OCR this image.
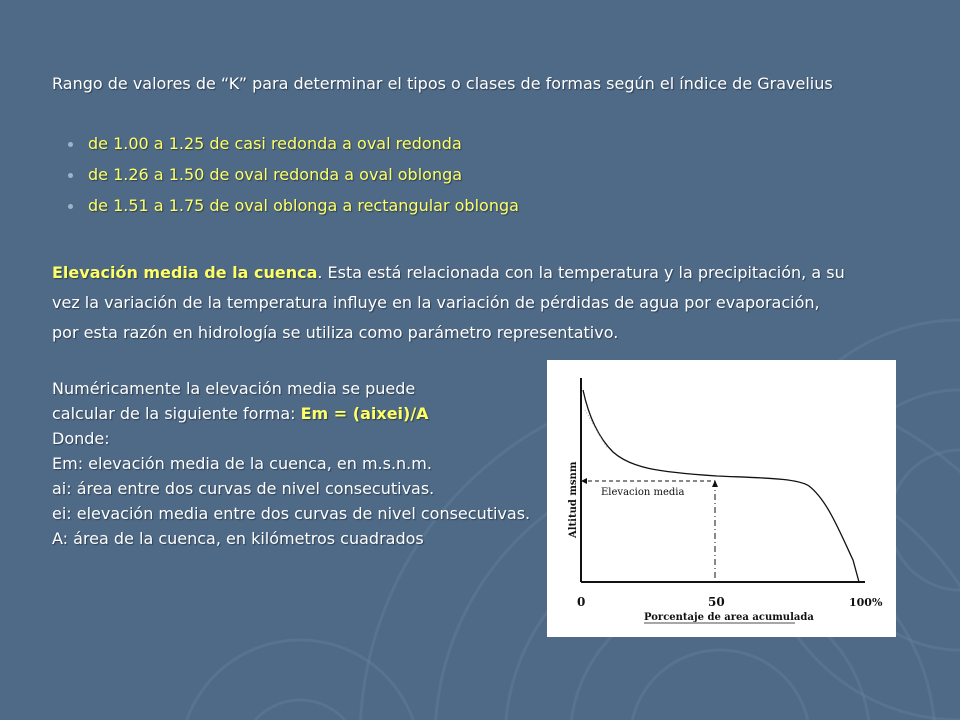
Rango de valores de “K” para determinar el tipos o clases de formas según el índice de Gravelius

de 1.00 a 1.25 de casi redonda a oval redonda
de 1.26 a 1.50 de oval redonda a oval oblonga
de 1.51 a 1.75 de oval oblonga a rectangular oblonga
Elevación media de la cuenca. Esta está relacionada con la temperatura y la precipitación, a su
vez la variación de la temperatura influye en la variación de pérdidas de agua por evaporación,
por esta razón en hidrología se utiliza como parámetro representativo.
Numéricamente la elevación media se puede
calcular de la siguiente forma: Em = (aixei)/A
Donde:
Em: elevación media de la cuenca, en m.s.n.m.
ai: área entre dos curvas de nivel consecutivas.
ei: elevación media entre dos curvas de nivel consecutivas.
A: área de la cuenca, en kilómetros cuadrados
Elevacion media
Altitud msnm
0	50	100%
Porcentaje de area acumulada
